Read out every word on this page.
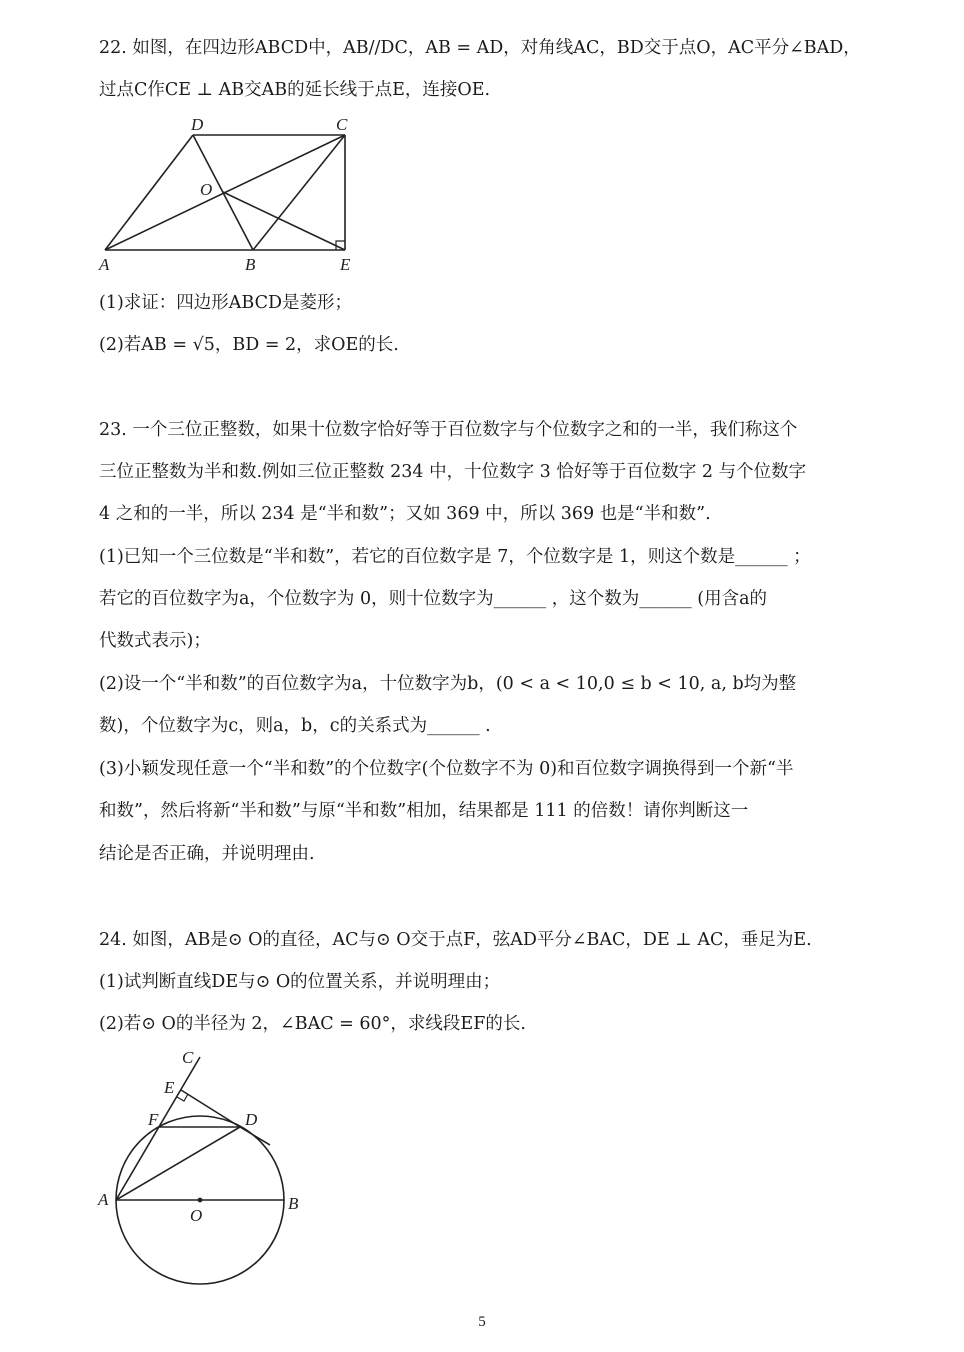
22. 如图，在四边形ABCD中，AB//DC，AB = AD，对角线AC，BD交于点O，AC平分∠BAD，
过点C作CE ⊥ AB交AB的延长线于点E，连接OE.
D	C
O
A	B	E
(1)求证：四边形ABCD是菱形；
(2)若AB = √5，BD = 2，求OE的长.
23. 一个三位正整数，如果十位数字恰好等于百位数字与个位数字之和的一半，我们称这个
三位正整数为半和数.例如三位正整数 234 中，十位数字 3 恰好等于百位数字 2 与个位数字
4 之和的一半，所以 234 是“半和数”；又如 369 中，所以 369 也是“半和数”.
(1)已知一个三位数是“半和数”，若它的百位数字是 7，个位数字是 1，则这个数是______ ；
若它的百位数字为a，个位数字为 0，则十位数字为______ ，这个数为______ (用含a的
代数式表示)；
(2)设一个“半和数”的百位数字为a，十位数字为b，(0 < a < 10,0 ≤ b < 10, a, b均为整
数)，个位数字为c，则a，b，c的关系式为______ .
(3)小颖发现任意一个“半和数”的个位数字(个位数字不为 0)和百位数字调换得到一个新“半
和数”，然后将新“半和数”与原“半和数”相加，结果都是 111 的倍数！请你判断这一
结论是否正确，并说明理由.
24. 如图，AB是⊙ O的直径，AC与⊙ O交于点F，弦AD平分∠BAC，DE ⊥ AC，垂足为E.
(1)试判断直线DE与⊙ O的位置关系，并说明理由；
(2)若⊙ O的半径为 2，∠BAC = 60°，求线段EF的长.
C
E
F	D
A	B
O
5
